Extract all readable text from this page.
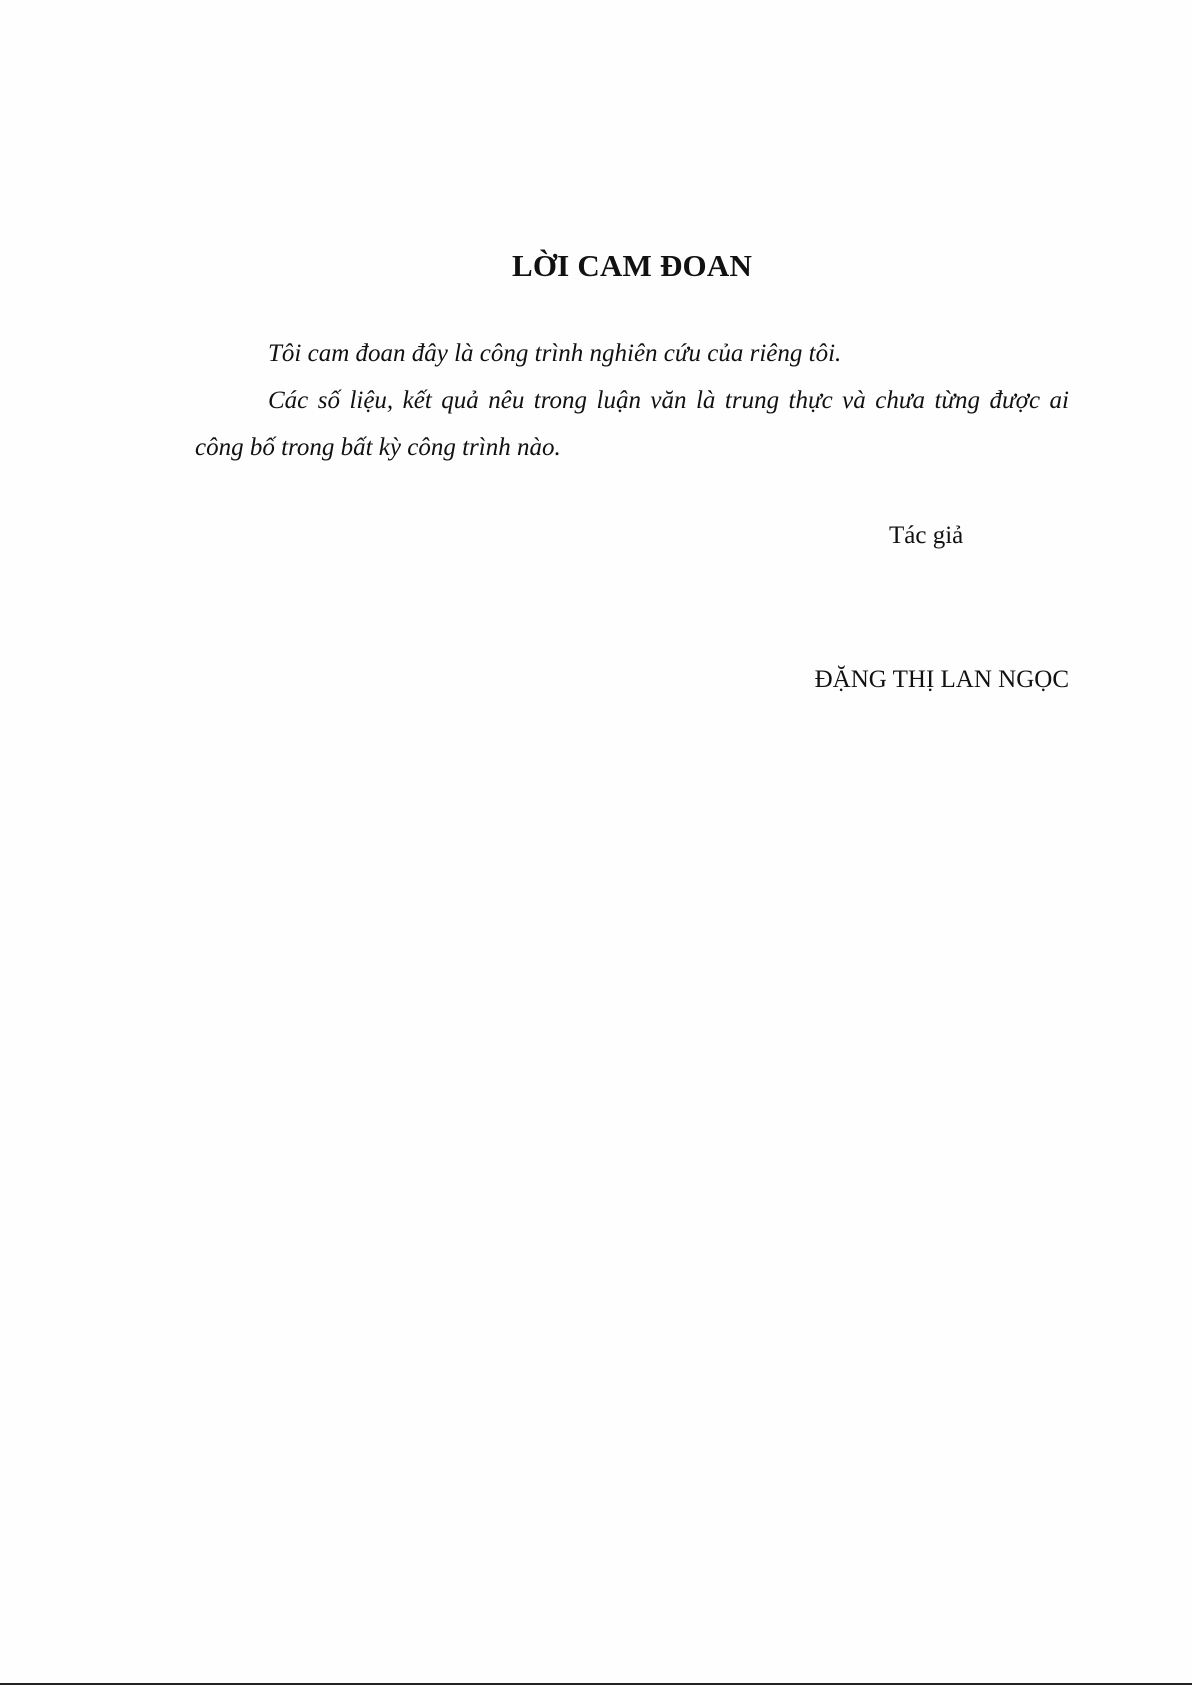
LỜI CAM ĐOAN

Tôi cam đoan đây là công trình nghiên cứu của riêng tôi.

Các số liệu, kết quả nêu trong luận văn là trung thực và chưa từng được ai công bố trong bất kỳ công trình nào.

Tác giả

ĐẶNG THỊ LAN NGỌC
